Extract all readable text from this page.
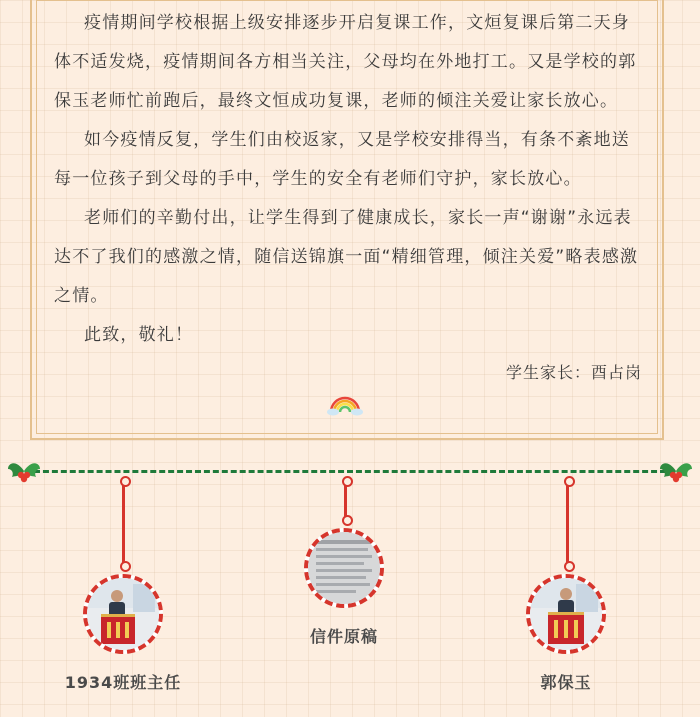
疫情期间学校根据上级安排逐步开启复课工作，文烜复课后第二天身体不适发烧，疫情期间各方相当关注，父母均在外地打工。又是学校的郭保玉老师忙前跑后，最终文恒成功复课，老师的倾注关爱让家长放心。

如今疫情反复，学生们由校返家，又是学校安排得当，有条不紊地送每一位孩子到父母的手中，学生的安全有老师们守护，家长放心。

老师们的辛勤付出，让学生得到了健康成长，家长一声“谢谢”永远表达不了我们的感激之情，随信送锦旗一面“精细管理，倾注关爱”略表感激之情。

此致，敬礼！

学生家长：酉占岗
1934班班主任
信件原稿
郭保玉
